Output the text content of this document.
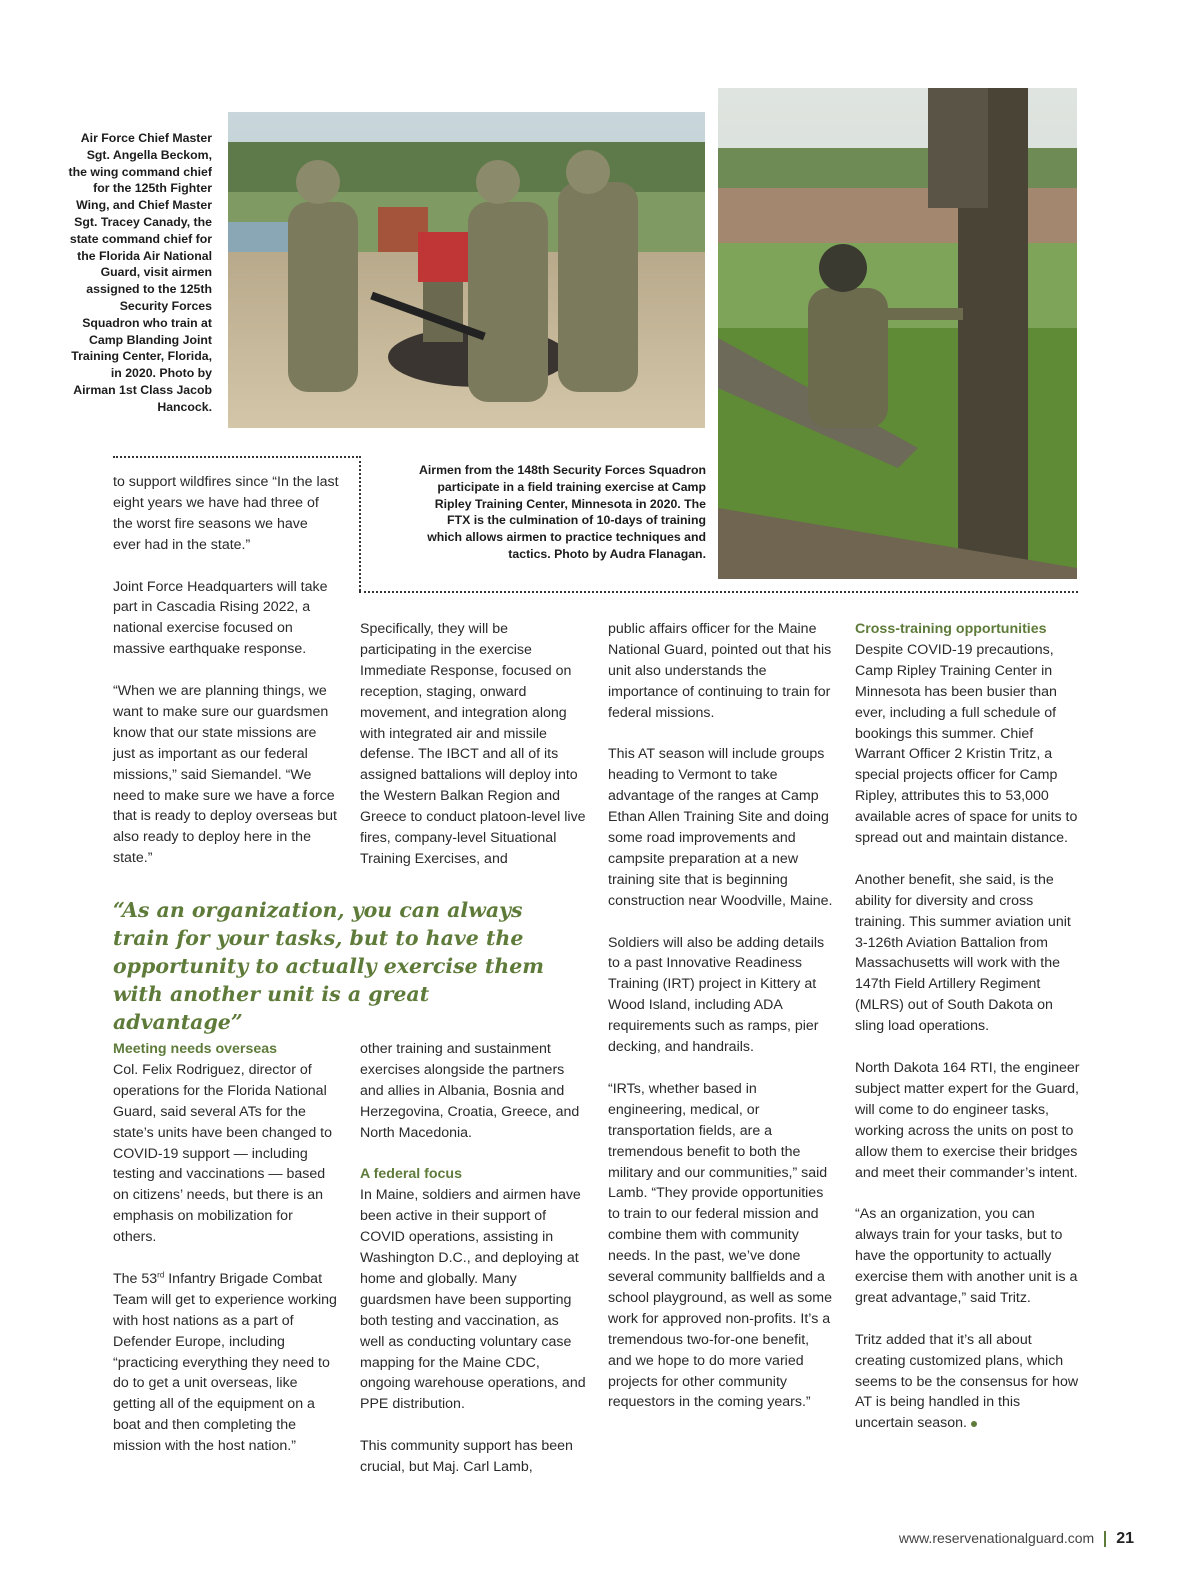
Air Force Chief Master Sgt. Angella Beckom, the wing command chief for the 125th Fighter Wing, and Chief Master Sgt. Tracey Canady, the state command chief for the Florida Air National Guard, visit airmen assigned to the 125th Security Forces Squadron who train at Camp Blanding Joint Training Center, Florida, in 2020. Photo by Airman 1st Class Jacob Hancock.

Airmen from the 148th Security Forces Squadron participate in a field training exercise at Camp Ripley Training Center, Minnesota in 2020. The FTX is the culmination of 10-days of training which allows airmen to practice techniques and tactics. Photo by Audra Flanagan.

to support wildfires since “In the last eight years we have had three of the worst fire seasons we have ever had in the state.”

Joint Force Headquarters will take part in Cascadia Rising 2022, a national exercise focused on massive earthquake response.

“When we are planning things, we want to make sure our guardsmen know that our state missions are just as important as our federal missions,” said Siemandel. “We need to make sure we have a force that is ready to deploy overseas but also ready to deploy here in the state.”

“As an organization, you can always train for your tasks, but to have the opportunity to actually exercise them with another unit is a great advantage”

Meeting needs overseas

Col. Felix Rodriguez, director of operations for the Florida National Guard, said several ATs for the state’s units have been changed to COVID-19 support — including testing and vaccinations — based on citizens’ needs, but there is an emphasis on mobilization for others.

The 53rd Infantry Brigade Combat Team will get to experience working with host nations as a part of Defender Europe, including “practicing everything they need to do to get a unit overseas, like getting all of the equipment on a boat and then completing the mission with the host nation.”

Specifically, they will be participating in the exercise Immediate Response, focused on reception, staging, onward movement, and integration along with integrated air and missile defense. The IBCT and all of its assigned battalions will deploy into the Western Balkan Region and Greece to conduct platoon-level live fires, company-level Situational Training Exercises, and

other training and sustainment exercises alongside the partners and allies in Albania, Bosnia and Herzegovina, Croatia, Greece, and North Macedonia.

A federal focus

In Maine, soldiers and airmen have been active in their support of COVID operations, assisting in Washington D.C., and deploying at home and globally. Many guardsmen have been supporting both testing and vaccination, as well as conducting voluntary case mapping for the Maine CDC, ongoing warehouse operations, and PPE distribution.

This community support has been crucial, but Maj. Carl Lamb,

public affairs officer for the Maine National Guard, pointed out that his unit also understands the importance of continuing to train for federal missions.

This AT season will include groups heading to Vermont to take advantage of the ranges at Camp Ethan Allen Training Site and doing some road improvements and campsite preparation at a new training site that is beginning construction near Woodville, Maine.

Soldiers will also be adding details to a past Innovative Readiness Training (IRT) project in Kittery at Wood Island, including ADA requirements such as ramps, pier decking, and handrails.

“IRTs, whether based in engineering, medical, or transportation fields, are a tremendous benefit to both the military and our communities,” said Lamb. “They provide opportunities to train to our federal mission and combine them with community needs. In the past, we’ve done several community ballfields and a school playground, as well as some work for approved non-profits. It’s a tremendous two-for-one benefit, and we hope to do more varied projects for other community requestors in the coming years.”

Cross-training opportunities

Despite COVID-19 precautions, Camp Ripley Training Center in Minnesota has been busier than ever, including a full schedule of bookings this summer. Chief Warrant Officer 2 Kristin Tritz, a special projects officer for Camp Ripley, attributes this to 53,000 available acres of space for units to spread out and maintain distance.

Another benefit, she said, is the ability for diversity and cross training. This summer aviation unit 3-126th Aviation Battalion from Massachusetts will work with the 147th Field Artillery Regiment (MLRS) out of South Dakota on sling load operations.

North Dakota 164 RTI, the engineer subject matter expert for the Guard, will come to do engineer tasks, working across the units on post to allow them to exercise their bridges and meet their commander’s intent.

“As an organization, you can always train for your tasks, but to have the opportunity to actually exercise them with another unit is a great advantage,” said Tritz.

Tritz added that it’s all about creating customized plans, which seems to be the consensus for how AT is being handled in this uncertain season.

www.reservenationalguard.com 21
